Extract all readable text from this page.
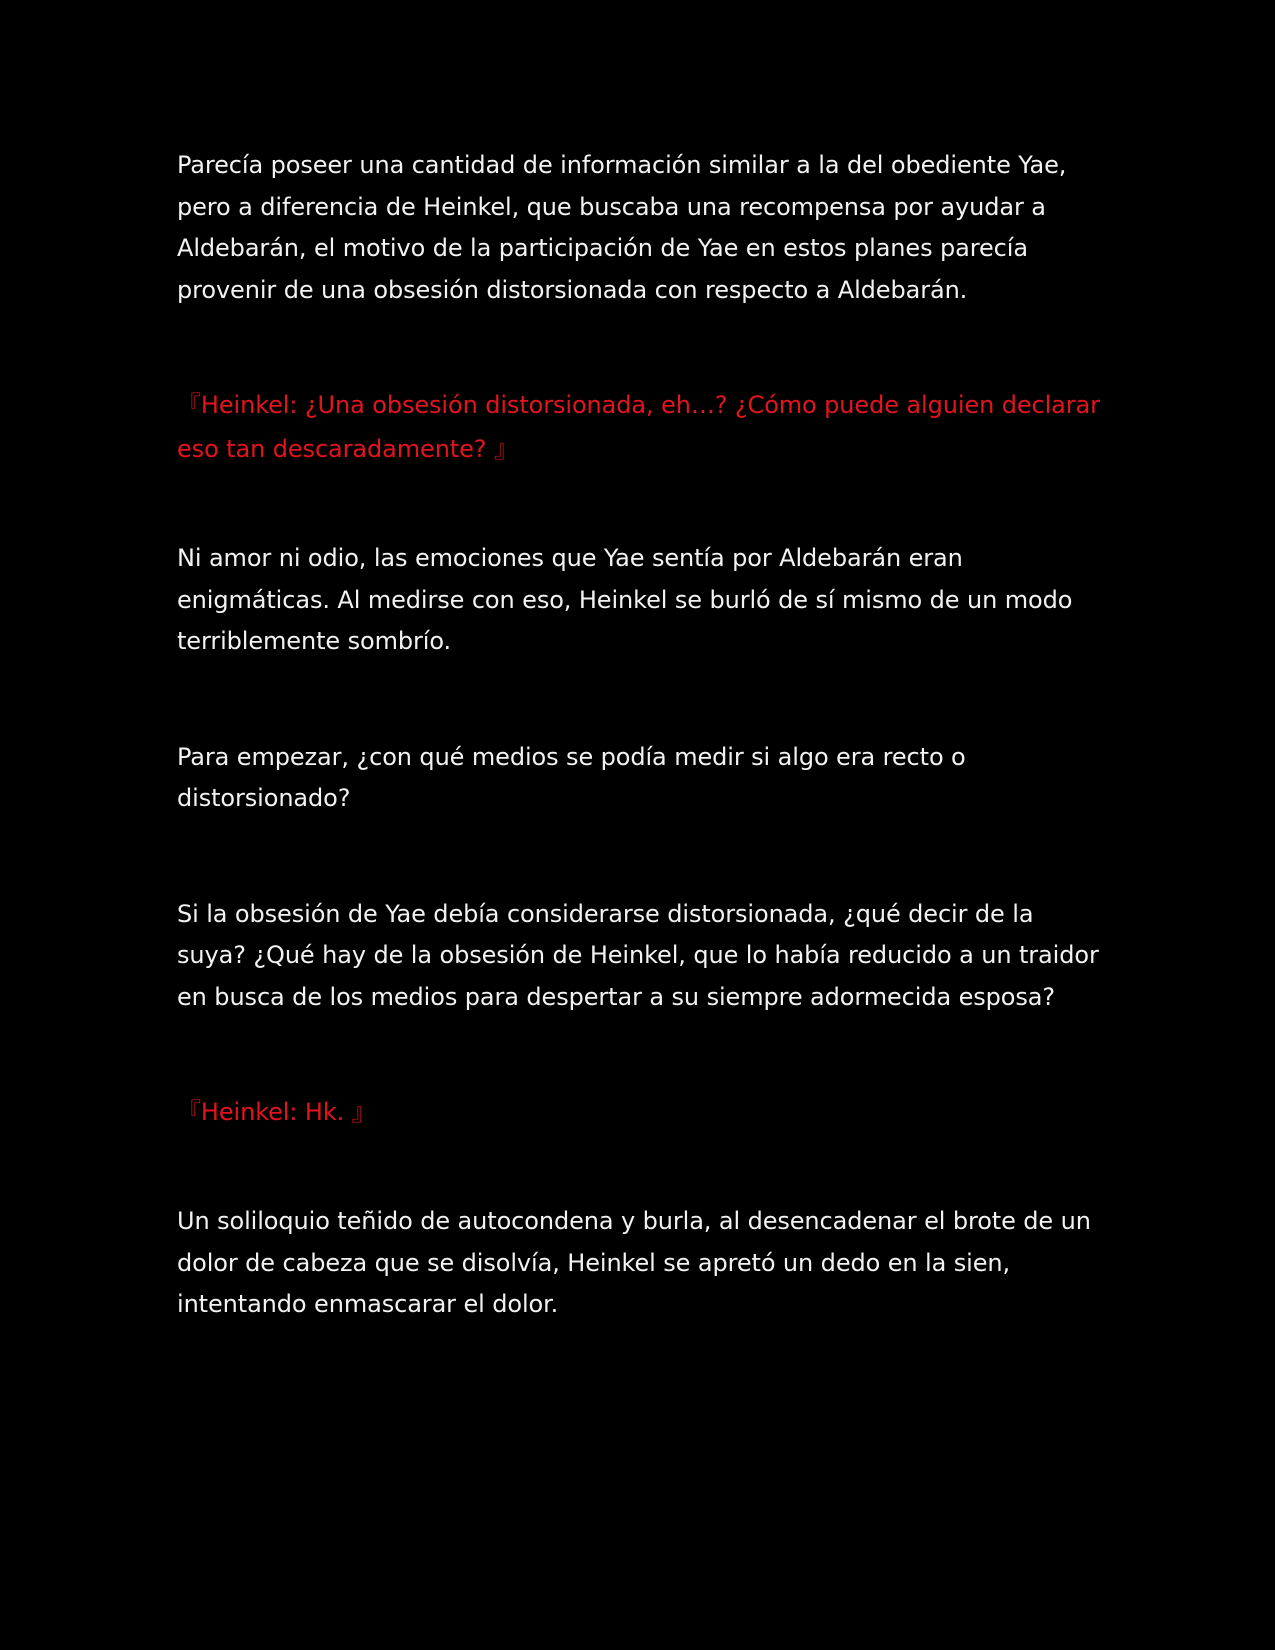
Parecía poseer una cantidad de información similar a la del obediente Yae, pero a diferencia de Heinkel, que buscaba una recompensa por ayudar a Aldebarán, el motivo de la participación de Yae en estos planes parecía provenir de una obsesión distorsionada con respecto a Aldebarán.

『Heinkel: ¿Una obsesión distorsionada, eh…? ¿Cómo puede alguien declarar eso tan descaradamente? 』

Ni amor ni odio, las emociones que Yae sentía por Aldebarán eran enigmáticas. Al medirse con eso, Heinkel se burló de sí mismo de un modo terriblemente sombrío.

Para empezar, ¿con qué medios se podía medir si algo era recto o distorsionado?

Si la obsesión de Yae debía considerarse distorsionada, ¿qué decir de la suya? ¿Qué hay de la obsesión de Heinkel, que lo había reducido a un traidor en busca de los medios para despertar a su siempre adormecida esposa?

『Heinkel: Hk. 』

Un soliloquio teñido de autocondena y burla, al desencadenar el brote de un dolor de cabeza que se disolvía, Heinkel se apretó un dedo en la sien, intentando enmascarar el dolor.
